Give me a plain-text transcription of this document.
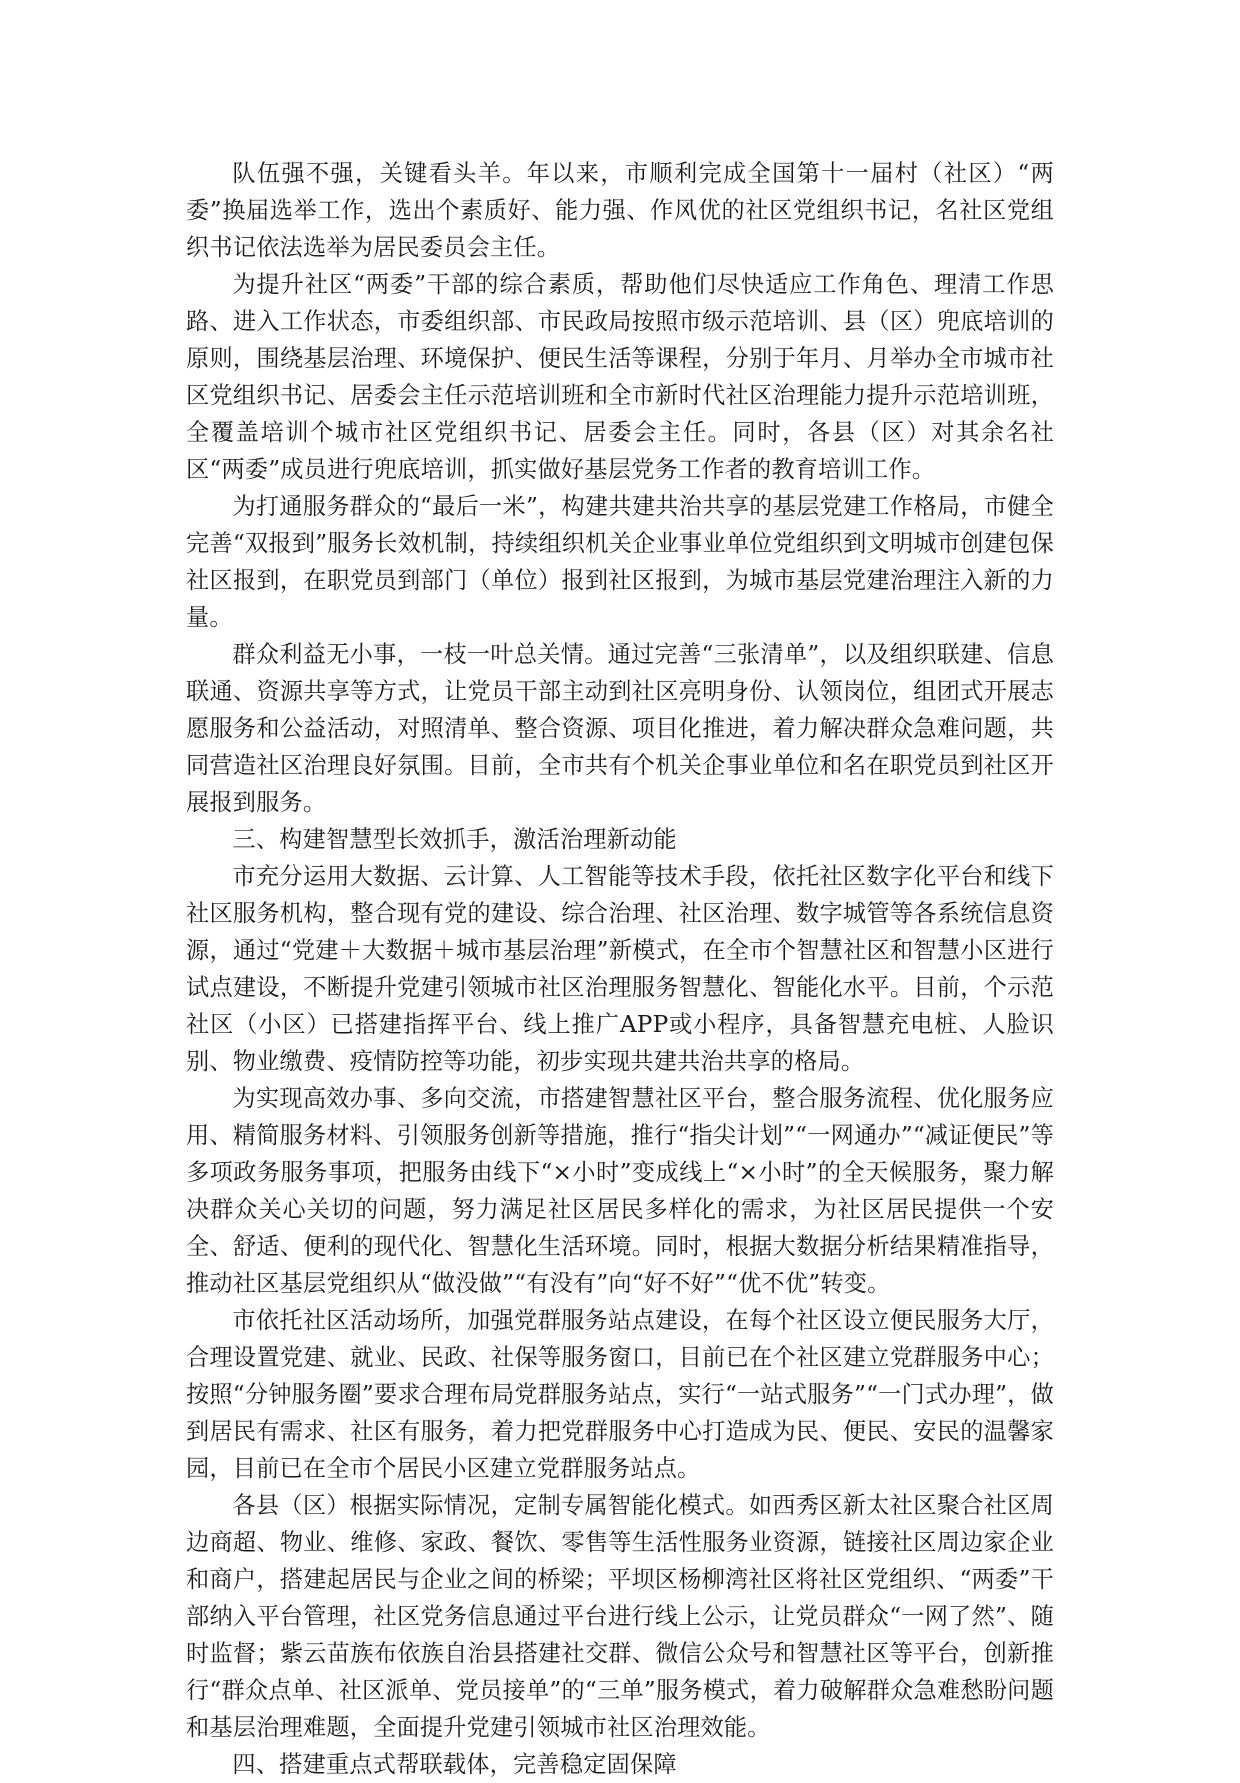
队伍强不强，关键看头羊。年以来，市顺利完成全国第十一届村（社区）“两委”换届选举工作，选出个素质好、能力强、作风优的社区党组织书记，名社区党组织书记依法选举为居民委员会主任。

为提升社区“两委”干部的综合素质，帮助他们尽快适应工作角色、理清工作思路、进入工作状态，市委组织部、市民政局按照市级示范培训、县（区）兜底培训的原则，围绕基层治理、环境保护、便民生活等课程，分别于年月、月举办全市城市社区党组织书记、居委会主任示范培训班和全市新时代社区治理能力提升示范培训班，全覆盖培训个城市社区党组织书记、居委会主任。同时，各县（区）对其余名社区“两委”成员进行兜底培训，抓实做好基层党务工作者的教育培训工作。

为打通服务群众的“最后一米”，构建共建共治共享的基层党建工作格局，市健全完善“双报到”服务长效机制，持续组织机关企业事业单位党组织到文明城市创建包保社区报到，在职党员到部门（单位）报到社区报到，为城市基层党建治理注入新的力量。

群众利益无小事，一枝一叶总关情。通过完善“三张清单”，以及组织联建、信息联通、资源共享等方式，让党员干部主动到社区亮明身份、认领岗位，组团式开展志愿服务和公益活动，对照清单、整合资源、项目化推进，着力解决群众急难问题，共同营造社区治理良好氛围。目前，全市共有个机关企事业单位和名在职党员到社区开展报到服务。

三、构建智慧型长效抓手，激活治理新动能

市充分运用大数据、云计算、人工智能等技术手段，依托社区数字化平台和线下社区服务机构，整合现有党的建设、综合治理、社区治理、数字城管等各系统信息资源，通过“党建＋大数据＋城市基层治理”新模式，在全市个智慧社区和智慧小区进行试点建设，不断提升党建引领城市社区治理服务智慧化、智能化水平。目前，个示范社区（小区）已搭建指挥平台、线上推广APP或小程序，具备智慧充电桩、人脸识别、物业缴费、疫情防控等功能，初步实现共建共治共享的格局。

为实现高效办事、多向交流，市搭建智慧社区平台，整合服务流程、优化服务应用、精简服务材料、引领服务创新等措施，推行“指尖计划”“一网通办”“减证便民”等多项政务服务事项，把服务由线下“×小时”变成线上“×小时”的全天候服务，聚力解决群众关心关切的问题，努力满足社区居民多样化的需求，为社区居民提供一个安全、舒适、便利的现代化、智慧化生活环境。同时，根据大数据分析结果精准指导，推动社区基层党组织从“做没做”“有没有”向“好不好”“优不优”转变。

市依托社区活动场所，加强党群服务站点建设，在每个社区设立便民服务大厅，合理设置党建、就业、民政、社保等服务窗口，目前已在个社区建立党群服务中心；按照“分钟服务圈”要求合理布局党群服务站点，实行“一站式服务”“一门式办理”，做到居民有需求、社区有服务，着力把党群服务中心打造成为民、便民、安民的温馨家园，目前已在全市个居民小区建立党群服务站点。

各县（区）根据实际情况，定制专属智能化模式。如西秀区新太社区聚合社区周边商超、物业、维修、家政、餐饮、零售等生活性服务业资源，链接社区周边家企业和商户，搭建起居民与企业之间的桥梁；平坝区杨柳湾社区将社区党组织、“两委”干部纳入平台管理，社区党务信息通过平台进行线上公示，让党员群众“一网了然”、随时监督；紫云苗族布依族自治县搭建社交群、微信公众号和智慧社区等平台，创新推行“群众点单、社区派单、党员接单”的“三单”服务模式，着力破解群众急难愁盼问题和基层治理难题，全面提升党建引领城市社区治理效能。

四、搭建重点式帮联载体，完善稳定固保障
